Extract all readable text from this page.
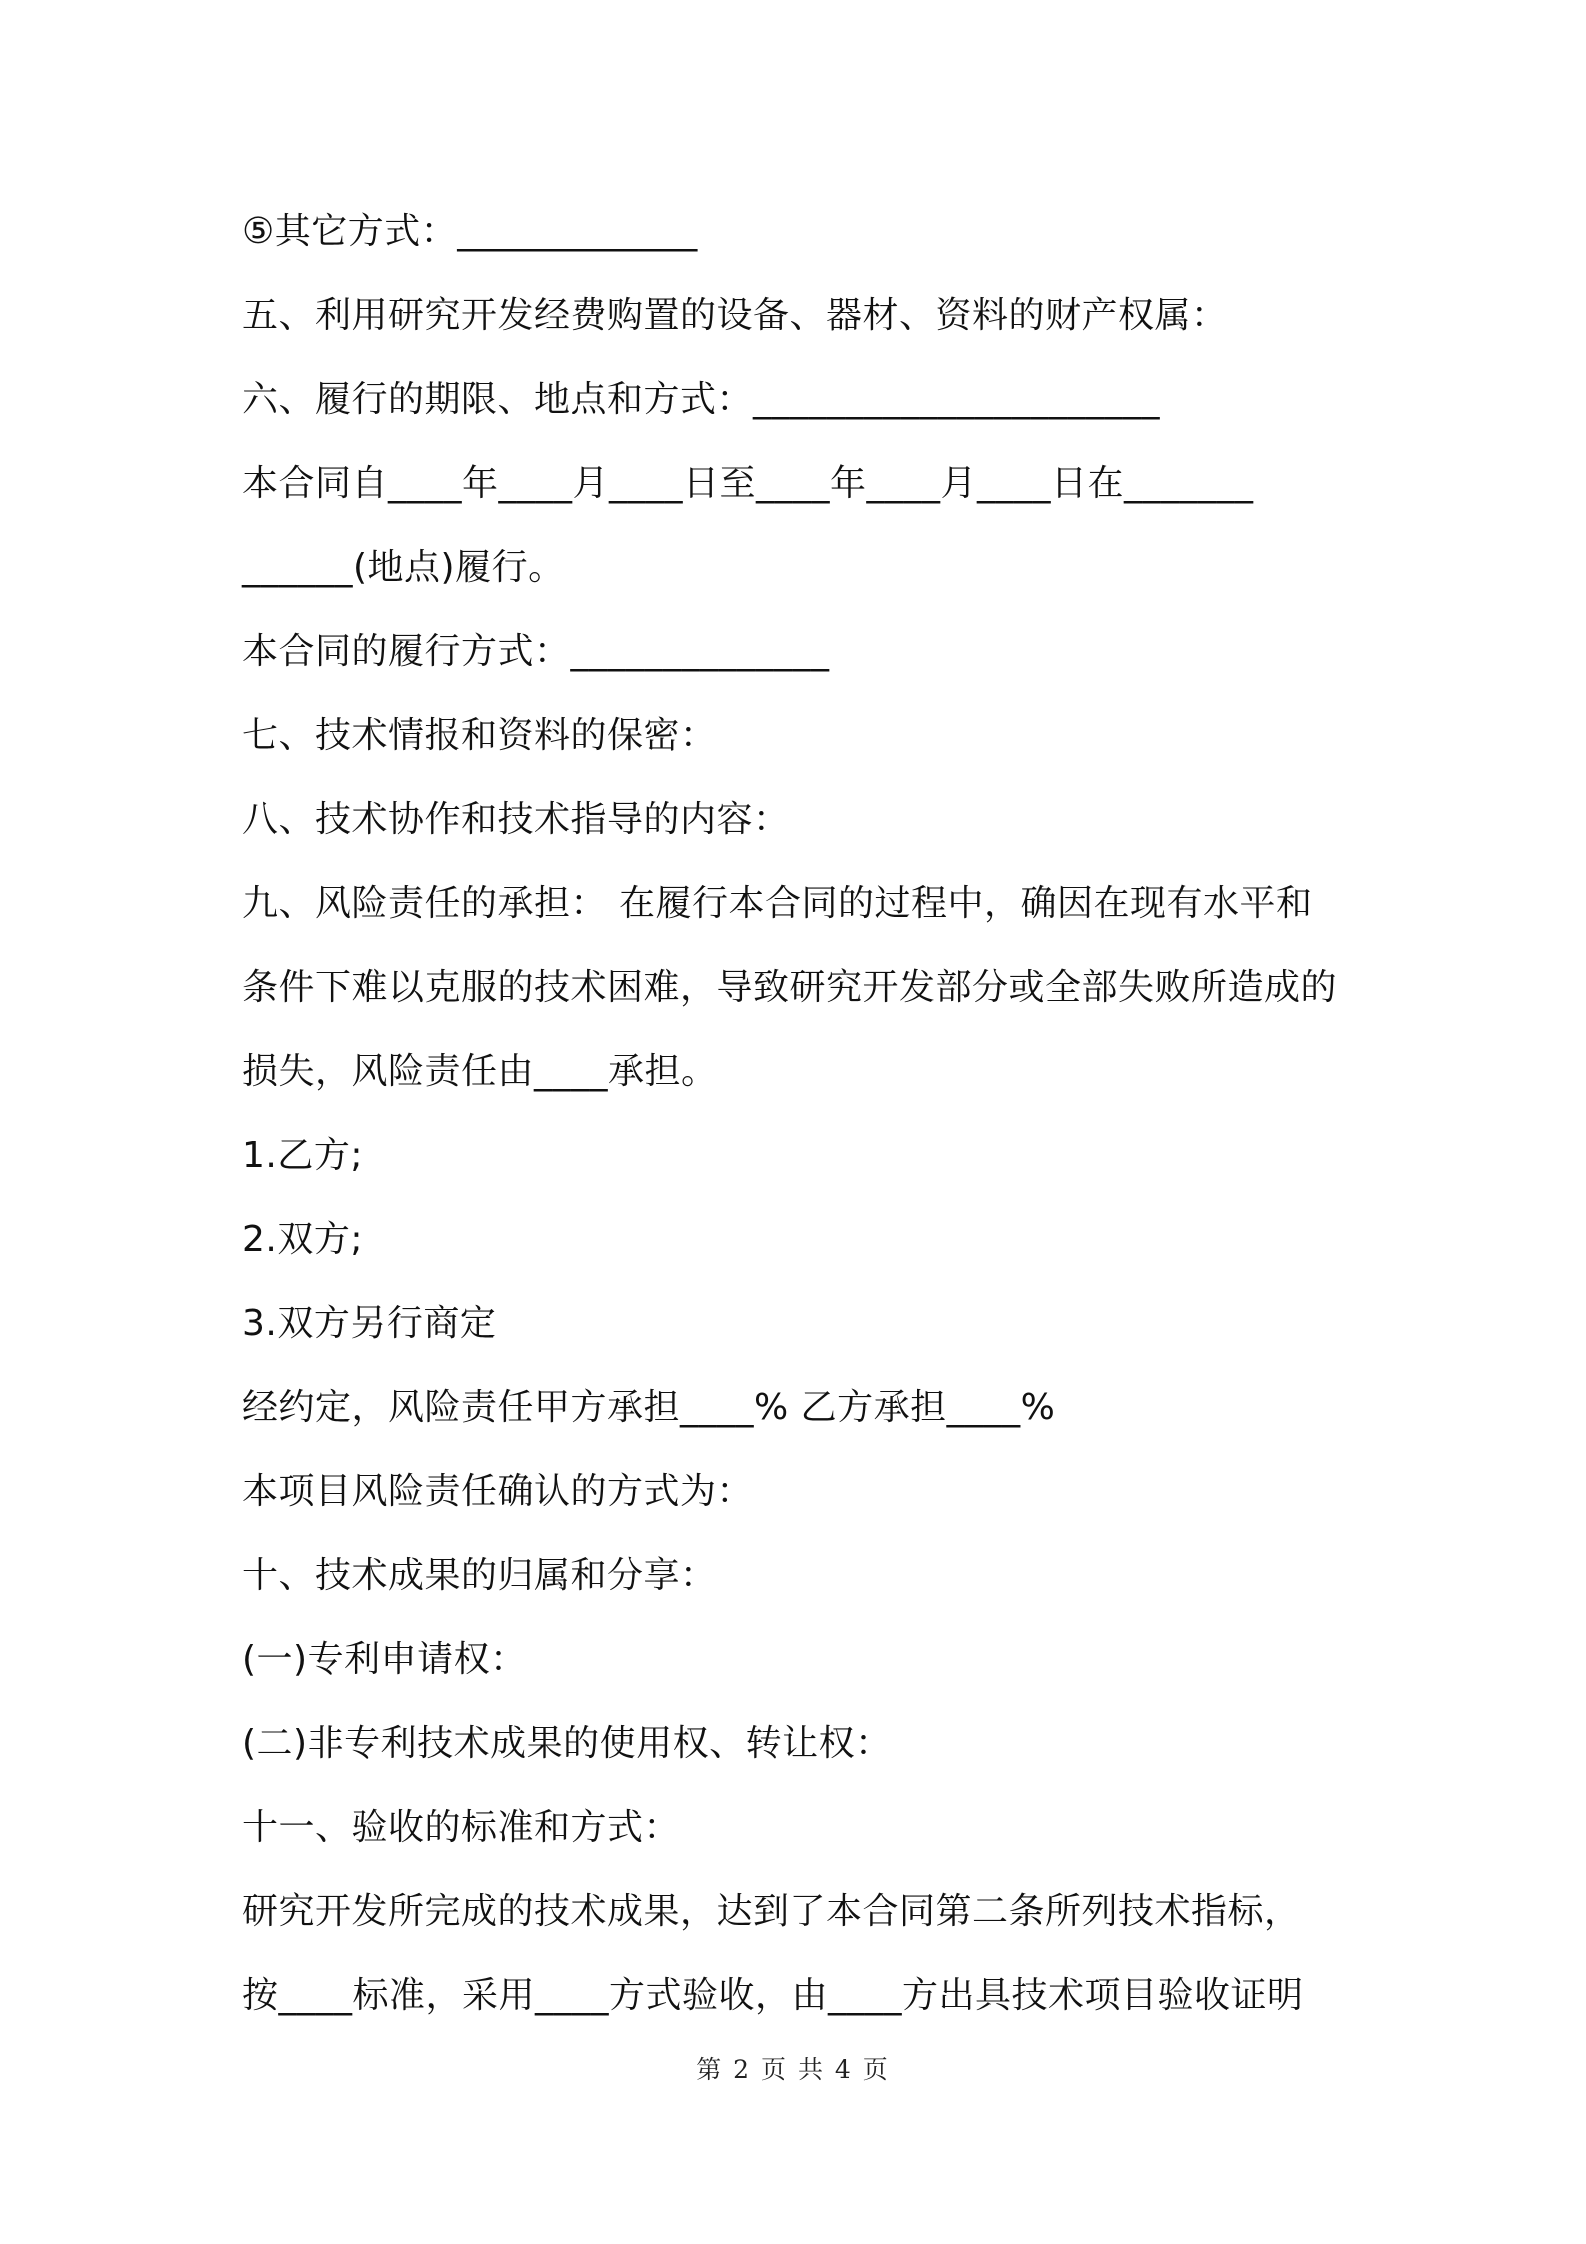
⑤其它方式：_____________
五、利用研究开发经费购置的设备、器材、资料的财产权属：
六、履行的期限、地点和方式：______________________
本合同自____年____月____日至____年____月____日在_______
______(地点)履行。
本合同的履行方式：______________
七、技术情报和资料的保密：
八、技术协作和技术指导的内容：
九、风险责任的承担： 在履行本合同的过程中，确因在现有水平和
条件下难以克服的技术困难，导致研究开发部分或全部失败所造成的
损失，风险责任由____承担。
1.乙方;
2.双方;
3.双方另行商定
经约定，风险责任甲方承担____% 乙方承担____%
本项目风险责任确认的方式为：
十、技术成果的归属和分享：
(一)专利申请权：
(二)非专利技术成果的使用权、转让权：
十一、验收的标准和方式：
研究开发所完成的技术成果，达到了本合同第二条所列技术指标，
按____标准，采用____方式验收，由____方出具技术项目验收证明
第 2 页 共 4 页
